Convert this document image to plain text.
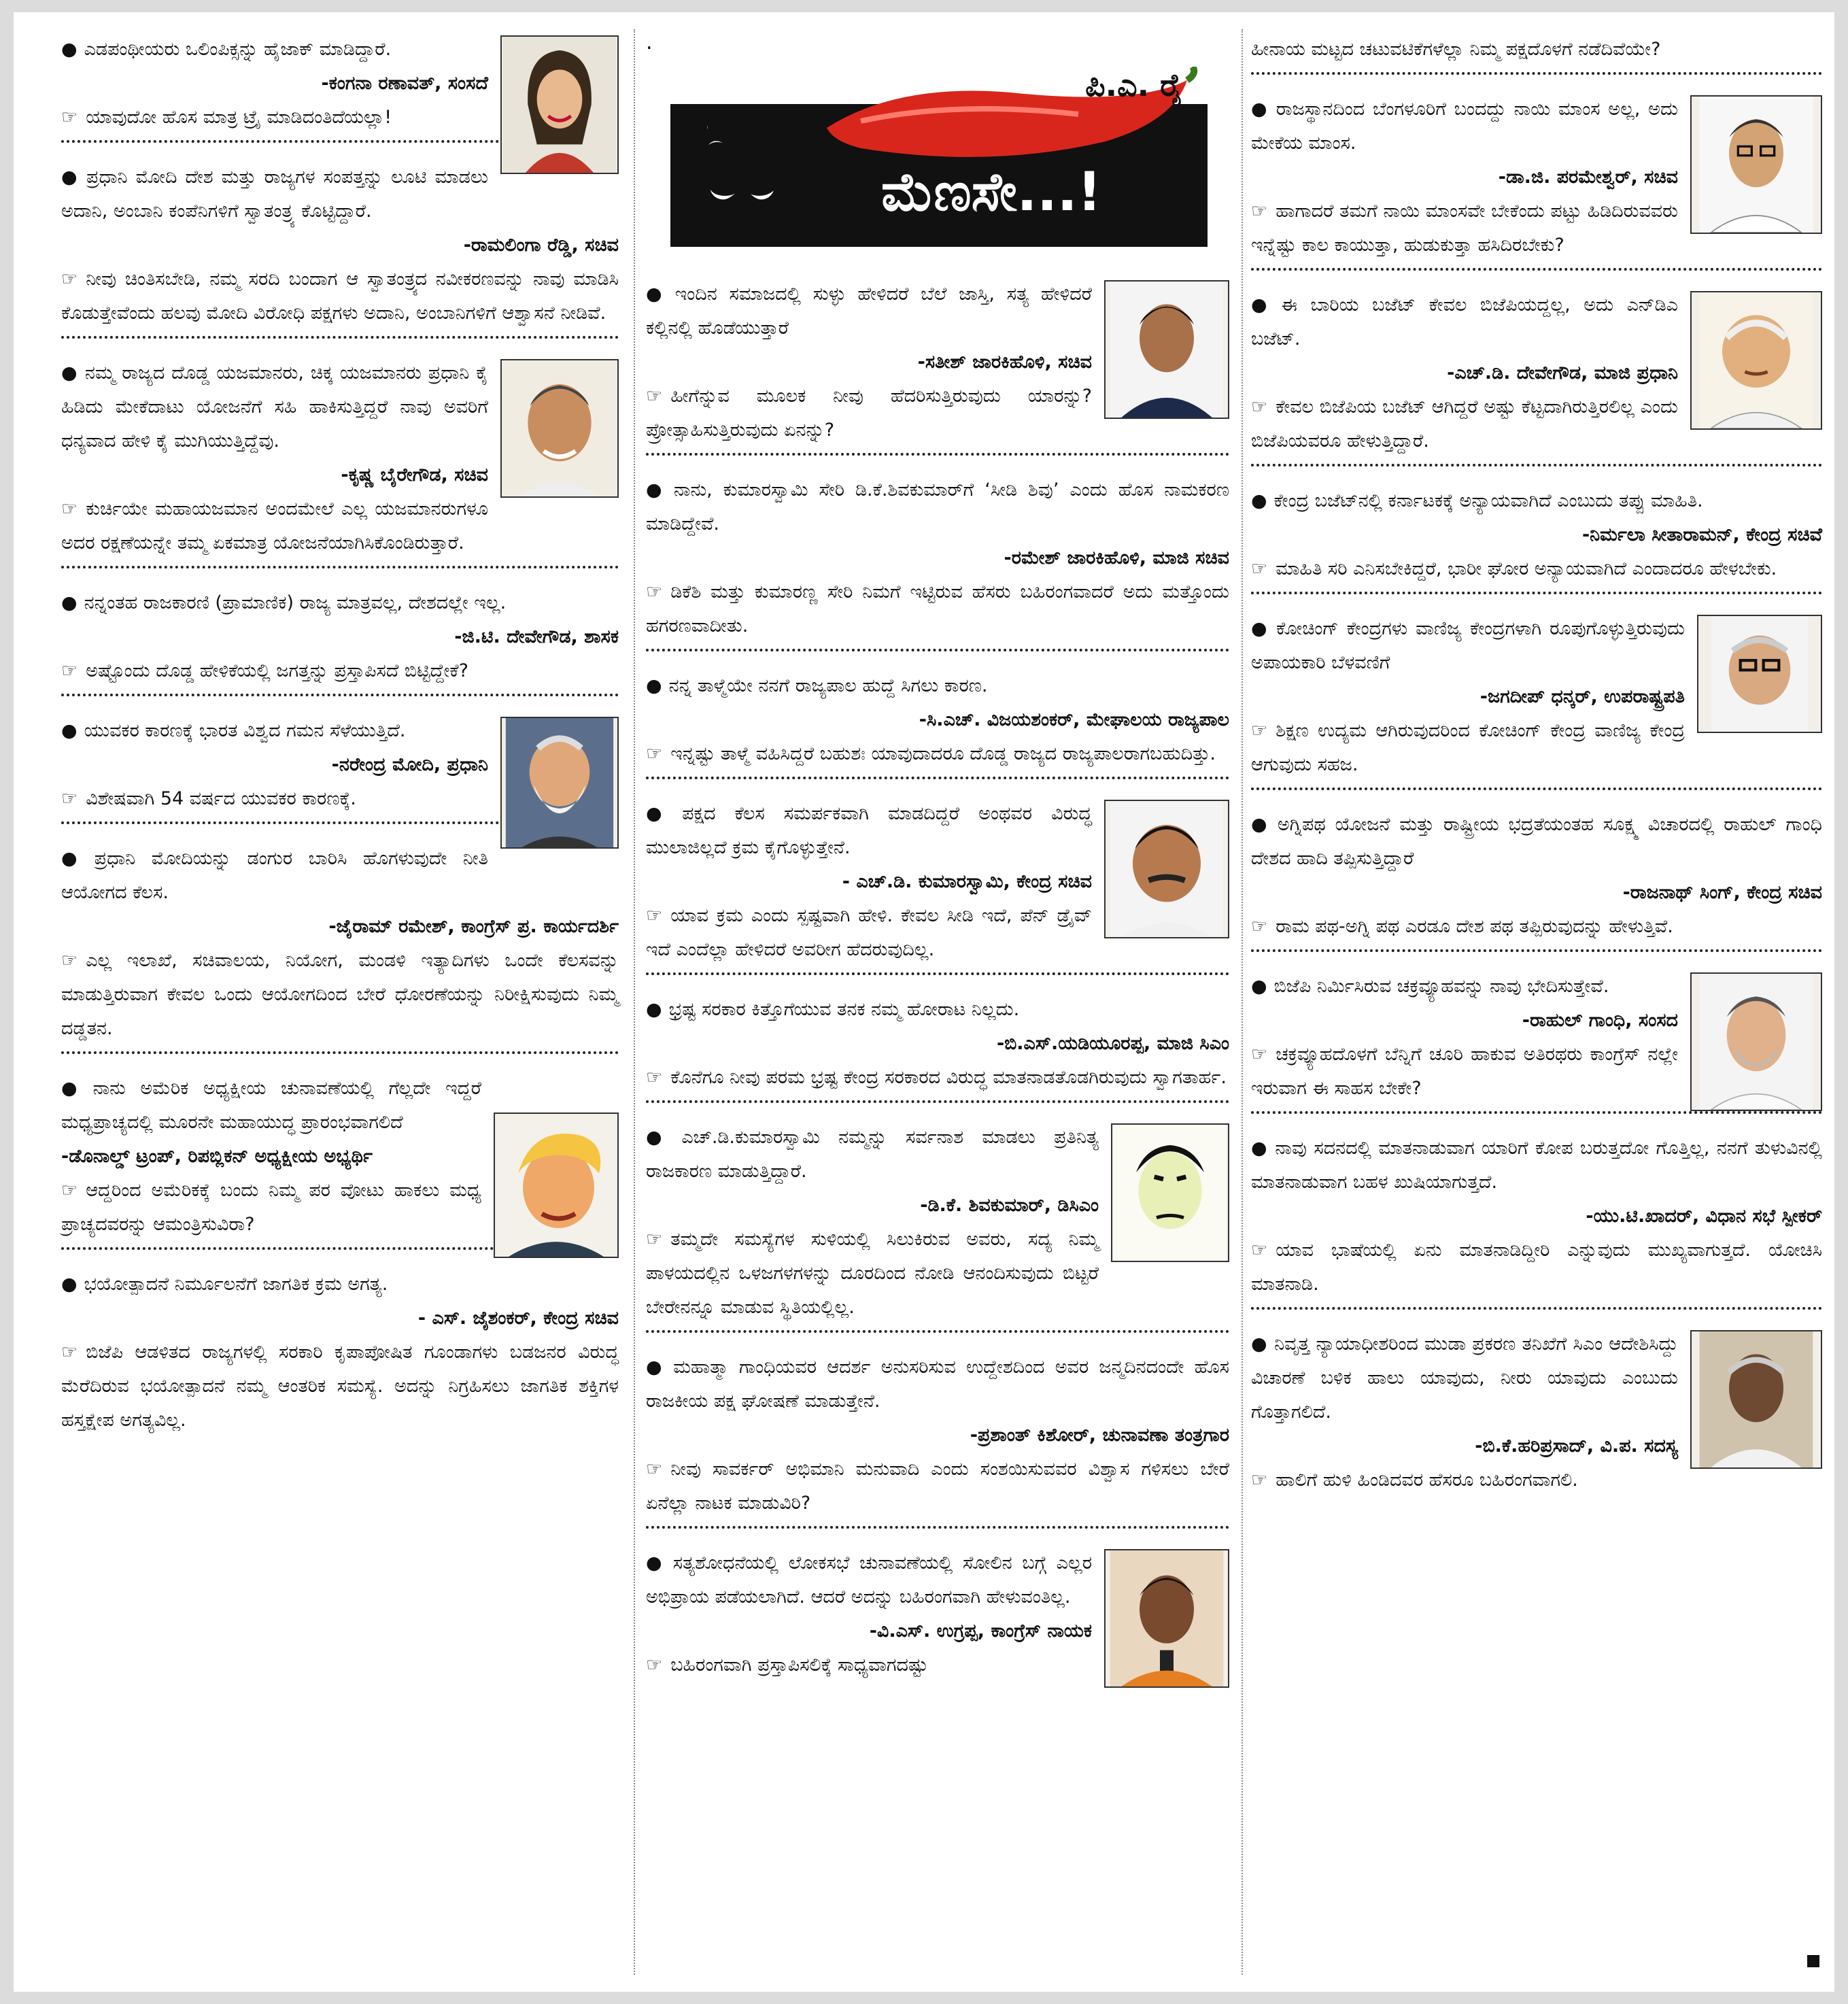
● ಎಡಪಂಥೀಯರು ಒಲಿಂಪಿಕ್ಸನ್ನು ಹೈಜಾಕ್ ಮಾಡಿದ್ದಾರೆ.

-ಕಂಗನಾ ರಣಾವತ್, ಸಂಸದೆ

☞ ಯಾವುದೋ ಹೊಸ ಮಾತ್ರ ಟ್ರೈ ಮಾಡಿದಂತಿದೆಯಲ್ಲಾ!

● ಪ್ರಧಾನಿ ಮೋದಿ ದೇಶ ಮತ್ತು ರಾಜ್ಯಗಳ ಸಂಪತ್ತನ್ನು ಲೂಟಿ ಮಾಡಲು ಅದಾನಿ, ಅಂಬಾನಿ ಕಂಪೆನಿಗಳಿಗೆ ಸ್ವಾತಂತ್ರ್ಯ ಕೊಟ್ಟಿದ್ದಾರೆ.

-ರಾಮಲಿಂಗಾ ರೆಡ್ಡಿ, ಸಚಿವ

☞ ನೀವು ಚಿಂತಿಸಬೇಡಿ, ನಮ್ಮ ಸರದಿ ಬಂದಾಗ ಆ ಸ್ವಾತಂತ್ರ್ಯದ ನವೀಕರಣವನ್ನು ನಾವು ಮಾಡಿಸಿ ಕೊಡುತ್ತೇವೆಂದು ಹಲವು ಮೋದಿ ವಿರೋಧಿ ಪಕ್ಷಗಳು ಅದಾನಿ, ಅಂಬಾನಿಗಳಿಗೆ ಆಶ್ವಾಸನೆ ನೀಡಿವೆ.

● ನಮ್ಮ ರಾಜ್ಯದ ದೊಡ್ಡ ಯಜಮಾನರು, ಚಿಕ್ಕ ಯಜಮಾನರು ಪ್ರಧಾನಿ ಕೈ ಹಿಡಿದು ಮೇಕೆದಾಟು ಯೋಜನೆಗೆ ಸಹಿ ಹಾಕಿಸುತ್ತಿದ್ದರೆ ನಾವು ಅವರಿಗೆ ಧನ್ಯವಾದ ಹೇಳಿ ಕೈ ಮುಗಿಯುತ್ತಿದ್ದೆವು.

-ಕೃಷ್ಣ ಬೈರೇಗೌಡ, ಸಚಿವ

☞ ಕುರ್ಚಿಯೇ ಮಹಾಯಜಮಾನ ಅಂದಮೇಲೆ ಎಲ್ಲ ಯಜಮಾನರುಗಳೂ ಅದರ ರಕ್ಷಣೆಯನ್ನೇ ತಮ್ಮ ಏಕಮಾತ್ರ ಯೋಜನೆಯಾಗಿಸಿಕೊಂಡಿರುತ್ತಾರೆ.

● ನನ್ನಂತಹ ರಾಜಕಾರಣಿ (ಪ್ರಾಮಾಣಿಕ) ರಾಜ್ಯ ಮಾತ್ರವಲ್ಲ, ದೇಶದಲ್ಲೇ ಇಲ್ಲ.

-ಜಿ.ಟಿ. ದೇವೇಗೌಡ, ಶಾಸಕ

☞ ಅಷ್ಟೊಂದು ದೊಡ್ಡ ಹೇಳಿಕೆಯಲ್ಲಿ ಜಗತ್ತನ್ನು ಪ್ರಸ್ತಾಪಿಸದೆ ಬಿಟ್ಟಿದ್ದೇಕೆ?

● ಯುವಕರ ಕಾರಣಕ್ಕೆ ಭಾರತ ವಿಶ್ವದ ಗಮನ ಸೆಳೆಯುತ್ತಿದೆ.

-ನರೇಂದ್ರ ಮೋದಿ, ಪ್ರಧಾನಿ

☞ ವಿಶೇಷವಾಗಿ 54 ವರ್ಷದ ಯುವಕರ ಕಾರಣಕ್ಕೆ.

● ಪ್ರಧಾನಿ ಮೋದಿಯನ್ನು ಡಂಗುರ ಬಾರಿಸಿ ಹೊಗಳುವುದೇ ನೀತಿ ಆಯೋಗದ ಕೆಲಸ.

-ಜೈರಾಮ್ ರಮೇಶ್, ಕಾಂಗ್ರೆಸ್ ಪ್ರ. ಕಾರ್ಯದರ್ಶಿ

☞ ಎಲ್ಲ ಇಲಾಖೆ, ಸಚಿವಾಲಯ, ನಿಯೋಗ, ಮಂಡಳಿ ಇತ್ಯಾದಿಗಳು ಒಂದೇ ಕೆಲಸವನ್ನು ಮಾಡುತ್ತಿರುವಾಗ ಕೇವಲ ಒಂದು ಆಯೋಗದಿಂದ ಬೇರೆ ಧೋರಣೆಯನ್ನು ನಿರೀಕ್ಷಿಸುವುದು ನಿಮ್ಮ ದಡ್ಡತನ.

● ನಾನು ಅಮೆರಿಕ ಅಧ್ಯಕ್ಷೀಯ ಚುನಾವಣೆಯಲ್ಲಿ ಗೆಲ್ಲದೇ ಇದ್ದರೆ ಮಧ್ಯಪ್ರಾಚ್ಯದಲ್ಲಿ ಮೂರನೇ ಮಹಾಯುದ್ಧ ಪ್ರಾರಂಭವಾಗಲಿದೆ

-ಡೊನಾಲ್ಡ್ ಟ್ರಂಪ್, ರಿಪಬ್ಲಿಕನ್ ಅಧ್ಯಕ್ಷೀಯ ಅಭ್ಯರ್ಥಿ

☞ ಆದ್ದರಿಂದ ಅಮೆರಿಕಕ್ಕೆ ಬಂದು ನಿಮ್ಮ ಪರ ವೋಟು ಹಾಕಲು ಮಧ್ಯ ಪ್ರಾಚ್ಯದವರನ್ನು ಆಮಂತ್ರಿಸುವಿರಾ?

● ಭಯೋತ್ಪಾದನೆ ನಿರ್ಮೂಲನೆಗೆ ಜಾಗತಿಕ ಕ್ರಮ ಅಗತ್ಯ.

- ಎಸ್. ಜೈಶಂಕರ್, ಕೇಂದ್ರ ಸಚಿವ

☞ ಬಿಜೆಪಿ ಆಡಳಿತದ ರಾಜ್ಯಗಳಲ್ಲಿ ಸರಕಾರಿ ಕೃಪಾಪೋಷಿತ ಗೂಂಡಾಗಳು ಬಡಜನರ ವಿರುದ್ಧ ಮೆರೆದಿರುವ ಭಯೋತ್ಪಾದನೆ ನಮ್ಮ ಆಂತರಿಕ ಸಮಸ್ಯೆ. ಅದನ್ನು ನಿಗ್ರಹಿಸಲು ಜಾಗತಿಕ ಶಕ್ತಿಗಳ ಹಸ್ತಕ್ಷೇಪ ಅಗತ್ಯವಿಲ್ಲ.

.
ಪಿ.ಎ. ರೈ
ಓ ಮೆಣಸೇ...!

● ಇಂದಿನ ಸಮಾಜದಲ್ಲಿ ಸುಳ್ಳು ಹೇಳಿದರೆ ಬೆಲೆ ಜಾಸ್ತಿ, ಸತ್ಯ ಹೇಳಿದರೆ ಕಲ್ಲಿನಲ್ಲಿ ಹೊಡೆಯುತ್ತಾರೆ

-ಸತೀಶ್ ಜಾರಕಿಹೊಳಿ, ಸಚಿವ

☞ ಹೀಗೆನ್ನುವ ಮೂಲಕ ನೀವು ಹೆದರಿಸುತ್ತಿರುವುದು ಯಾರನ್ನು? ಪ್ರೋತ್ಸಾಹಿಸುತ್ತಿರುವುದು ಏನನ್ನು?

● ನಾನು, ಕುಮಾರಸ್ವಾಮಿ ಸೇರಿ ಡಿ.ಕೆ.ಶಿವಕುಮಾರ್‌ಗೆ ‘ಸೀಡಿ ಶಿವು’ ಎಂದು ಹೊಸ ನಾಮಕರಣ ಮಾಡಿದ್ದೇವೆ.

-ರಮೇಶ್ ಜಾರಕಿಹೊಳಿ, ಮಾಜಿ ಸಚಿವ

☞ ಡಿಕೆಶಿ ಮತ್ತು ಕುಮಾರಣ್ಣ ಸೇರಿ ನಿಮಗೆ ಇಟ್ಟಿರುವ ಹೆಸರು ಬಹಿರಂಗವಾದರೆ ಅದು ಮತ್ತೊಂದು ಹಗರಣವಾದೀತು.

● ನನ್ನ ತಾಳ್ಮೆಯೇ ನನಗೆ ರಾಜ್ಯಪಾಲ ಹುದ್ದೆ ಸಿಗಲು ಕಾರಣ.

-ಸಿ.ಎಚ್. ವಿಜಯಶಂಕರ್, ಮೇಘಾಲಯ ರಾಜ್ಯಪಾಲ

☞ ಇನ್ನಷ್ಟು ತಾಳ್ಮೆ ವಹಿಸಿದ್ದರೆ ಬಹುಶಃ ಯಾವುದಾದರೂ ದೊಡ್ಡ ರಾಜ್ಯದ ರಾಜ್ಯಪಾಲರಾಗಬಹುದಿತ್ತು.

● ಪಕ್ಷದ ಕೆಲಸ ಸಮರ್ಪಕವಾಗಿ ಮಾಡದಿದ್ದರೆ ಅಂಥವರ ವಿರುದ್ಧ ಮುಲಾಜಿಲ್ಲದೆ ಕ್ರಮ ಕೈಗೊಳ್ಳುತ್ತೇನೆ.

- ಎಚ್.ಡಿ. ಕುಮಾರಸ್ವಾಮಿ, ಕೇಂದ್ರ ಸಚಿವ

☞ ಯಾವ ಕ್ರಮ ಎಂದು ಸ್ಪಷ್ಟವಾಗಿ ಹೇಳಿ. ಕೇವಲ ಸೀಡಿ ಇದೆ, ಪೆನ್ ಡ್ರೈವ್ ಇದೆ ಎಂದೆಲ್ಲಾ ಹೇಳಿದರೆ ಅವರೀಗ ಹೆದರುವುದಿಲ್ಲ.

● ಭ್ರಷ್ಟ ಸರಕಾರ ಕಿತ್ತೊಗೆಯುವ ತನಕ ನಮ್ಮ ಹೋರಾಟ ನಿಲ್ಲದು.

-ಬಿ.ಎಸ್.ಯಡಿಯೂರಪ್ಪ, ಮಾಜಿ ಸಿಎಂ

☞ ಕೊನೆಗೂ ನೀವು ಪರಮ ಭ್ರಷ್ಟ ಕೇಂದ್ರ ಸರಕಾರದ ವಿರುದ್ಧ ಮಾತನಾಡತೊಡಗಿರುವುದು ಸ್ವಾಗತಾರ್ಹ.

● ಎಚ್.ಡಿ.ಕುಮಾರಸ್ವಾಮಿ ನಮ್ಮನ್ನು ಸರ್ವನಾಶ ಮಾಡಲು ಪ್ರತಿನಿತ್ಯ ರಾಜಕಾರಣ ಮಾಡುತ್ತಿದ್ದಾರೆ.

-ಡಿ.ಕೆ. ಶಿವಕುಮಾರ್, ಡಿಸಿಎಂ

☞ ತಮ್ಮದೇ ಸಮಸ್ಯೆಗಳ ಸುಳಿಯಲ್ಲಿ ಸಿಲುಕಿರುವ ಅವರು, ಸದ್ಯ ನಿಮ್ಮ ಪಾಳಯದಲ್ಲಿನ ಒಳಜಗಳಗಳನ್ನು ದೂರದಿಂದ ನೋಡಿ ಆನಂದಿಸುವುದು ಬಿಟ್ಟರೆ ಬೇರೇನನ್ನೂ ಮಾಡುವ ಸ್ಥಿತಿಯಲ್ಲಿಲ್ಲ.

● ಮಹಾತ್ಮಾ ಗಾಂಧಿಯವರ ಆದರ್ಶ ಅನುಸರಿಸುವ ಉದ್ದೇಶದಿಂದ ಅವರ ಜನ್ಮದಿನದಂದೇ ಹೊಸ ರಾಜಕೀಯ ಪಕ್ಷ ಘೋಷಣೆ ಮಾಡುತ್ತೇನೆ.

-ಪ್ರಶಾಂತ್ ಕಿಶೋರ್, ಚುನಾವಣಾ ತಂತ್ರಗಾರ

☞ ನೀವು ಸಾವರ್ಕರ್ ಅಭಿಮಾನಿ ಮನುವಾದಿ ಎಂದು ಸಂಶಯಿಸುವವರ ವಿಶ್ವಾಸ ಗಳಿಸಲು ಬೇರೆ ಏನೆಲ್ಲಾ ನಾಟಕ ಮಾಡುವಿರಿ?

● ಸತ್ಯಶೋಧನೆಯಲ್ಲಿ ಲೋಕಸಭೆ ಚುನಾವಣೆಯಲ್ಲಿ ಸೋಲಿನ ಬಗ್ಗೆ ಎಲ್ಲರ ಅಭಿಪ್ರಾಯ ಪಡೆಯಲಾಗಿದೆ. ಆದರೆ ಅದನ್ನು ಬಹಿರಂಗವಾಗಿ ಹೇಳುವಂತಿಲ್ಲ.

-ವಿ.ಎಸ್. ಉಗ್ರಪ್ಪ, ಕಾಂಗ್ರೆಸ್ ನಾಯಕ

☞ ಬಹಿರಂಗವಾಗಿ ಪ್ರಸ್ತಾಪಿಸಲಿಕ್ಕೆ ಸಾಧ್ಯವಾಗದಷ್ಟು

ಹೀನಾಯ ಮಟ್ಟದ ಚಟುವಟಿಕೆಗಳೆಲ್ಲಾ ನಿಮ್ಮ ಪಕ್ಷದೊಳಗೆ ನಡೆದಿವೆಯೇ?

● ರಾಜಸ್ಥಾನದಿಂದ ಬೆಂಗಳೂರಿಗೆ ಬಂದದ್ದು ನಾಯಿ ಮಾಂಸ ಅಲ್ಲ, ಅದು ಮೇಕೆಯ ಮಾಂಸ.

-ಡಾ.ಜಿ. ಪರಮೇಶ್ವರ್, ಸಚಿವ

☞ ಹಾಗಾದರೆ ತಮಗೆ ನಾಯಿ ಮಾಂಸವೇ ಬೇಕೆಂದು ಪಟ್ಟು ಹಿಡಿದಿರುವವರು ಇನ್ನೆಷ್ಟು ಕಾಲ ಕಾಯುತ್ತಾ, ಹುಡುಕುತ್ತಾ ಹಸಿದಿರಬೇಕು?

● ಈ ಬಾರಿಯ ಬಜೆಟ್ ಕೇವಲ ಬಿಜೆಪಿಯದ್ದಲ್ಲ, ಅದು ಎನ್‌ಡಿಎ ಬಜೆಟ್.

-ಎಚ್.ಡಿ. ದೇವೇಗೌಡ, ಮಾಜಿ ಪ್ರಧಾನಿ

☞ ಕೇವಲ ಬಿಜೆಪಿಯ ಬಜೆಟ್ ಆಗಿದ್ದರೆ ಅಷ್ಟು ಕೆಟ್ಟದಾಗಿರುತ್ತಿರಲಿಲ್ಲ ಎಂದು ಬಿಜೆಪಿಯವರೂ ಹೇಳುತ್ತಿದ್ದಾರೆ.

● ಕೇಂದ್ರ ಬಜೆಟ್‌ನಲ್ಲಿ ಕರ್ನಾಟಕಕ್ಕೆ ಅನ್ಯಾಯವಾಗಿದೆ ಎಂಬುದು ತಪ್ಪು ಮಾಹಿತಿ.

-ನಿರ್ಮಲಾ ಸೀತಾರಾಮನ್, ಕೇಂದ್ರ ಸಚಿವೆ

☞ ಮಾಹಿತಿ ಸರಿ ಎನಿಸಬೇಕಿದ್ದರೆ, ಭಾರೀ ಘೋರ ಅನ್ಯಾಯವಾಗಿದೆ ಎಂದಾದರೂ ಹೇಳಬೇಕು.

● ಕೋಚಿಂಗ್ ಕೇಂದ್ರಗಳು ವಾಣಿಜ್ಯ ಕೇಂದ್ರಗಳಾಗಿ ರೂಪುಗೊಳ್ಳುತ್ತಿರುವುದು ಅಪಾಯಕಾರಿ ಬೆಳವಣಿಗೆ

-ಜಗದೀಪ್ ಧನ್ಕರ್, ಉಪರಾಷ್ಟ್ರಪತಿ

☞ ಶಿಕ್ಷಣ ಉದ್ಯಮ ಆಗಿರುವುದರಿಂದ ಕೋಚಿಂಗ್ ಕೇಂದ್ರ ವಾಣಿಜ್ಯ ಕೇಂದ್ರ ಆಗುವುದು ಸಹಜ.

● ಅಗ್ನಿಪಥ ಯೋಜನೆ ಮತ್ತು ರಾಷ್ಟ್ರೀಯ ಭದ್ರತೆಯಂತಹ ಸೂಕ್ಷ್ಮ ವಿಚಾರದಲ್ಲಿ ರಾಹುಲ್ ಗಾಂಧಿ ದೇಶದ ಹಾದಿ ತಪ್ಪಿಸುತ್ತಿದ್ದಾರೆ

-ರಾಜನಾಥ್ ಸಿಂಗ್, ಕೇಂದ್ರ ಸಚಿವ

☞ ರಾಮ ಪಥ-ಅಗ್ನಿ ಪಥ ಎರಡೂ ದೇಶ ಪಥ ತಪ್ಪಿರುವುದನ್ನು ಹೇಳುತ್ತಿವೆ.

● ಬಿಜೆಪಿ ನಿರ್ಮಿಸಿರುವ ಚಕ್ರವ್ಯೂಹವನ್ನು ನಾವು ಭೇದಿಸುತ್ತೇವೆ.

-ರಾಹುಲ್ ಗಾಂಧಿ, ಸಂಸದ

☞ ಚಕ್ರವ್ಯೂಹದೊಳಗೆ ಬೆನ್ನಿಗೆ ಚೂರಿ ಹಾಕುವ ಅತಿರಥರು ಕಾಂಗ್ರೆಸ್ ನಲ್ಲೇ ಇರುವಾಗ ಈ ಸಾಹಸ ಬೇಕೇ?

● ನಾವು ಸದನದಲ್ಲಿ ಮಾತನಾಡುವಾಗ ಯಾರಿಗೆ ಕೋಪ ಬರುತ್ತದೋ ಗೊತ್ತಿಲ್ಲ, ನನಗೆ ತುಳುವಿನಲ್ಲಿ ಮಾತನಾಡುವಾಗ ಬಹಳ ಖುಷಿಯಾಗುತ್ತದೆ.

-ಯು.ಟಿ.ಖಾದರ್, ವಿಧಾನ ಸಭೆ ಸ್ಪೀಕರ್

☞ ಯಾವ ಭಾಷೆಯಲ್ಲಿ ಏನು ಮಾತನಾಡಿದ್ದೀರಿ ಎನ್ನುವುದು ಮುಖ್ಯವಾಗುತ್ತದೆ. ಯೋಚಿಸಿ ಮಾತನಾಡಿ.

● ನಿವೃತ್ತ ನ್ಯಾಯಾಧೀಶರಿಂದ ಮುಡಾ ಪ್ರಕರಣ ತನಿಖೆಗೆ ಸಿಎಂ ಆದೇಶಿಸಿದ್ದು ವಿಚಾರಣೆ ಬಳಿಕ ಹಾಲು ಯಾವುದು, ನೀರು ಯಾವುದು ಎಂಬುದು ಗೊತ್ತಾಗಲಿದೆ.

-ಬಿ.ಕೆ.ಹರಿಪ್ರಸಾದ್, ವಿ.ಪ. ಸದಸ್ಯ

☞ ಹಾಲಿಗೆ ಹುಳಿ ಹಿಂಡಿದವರ ಹೆಸರೂ ಬಹಿರಂಗವಾಗಲಿ.
